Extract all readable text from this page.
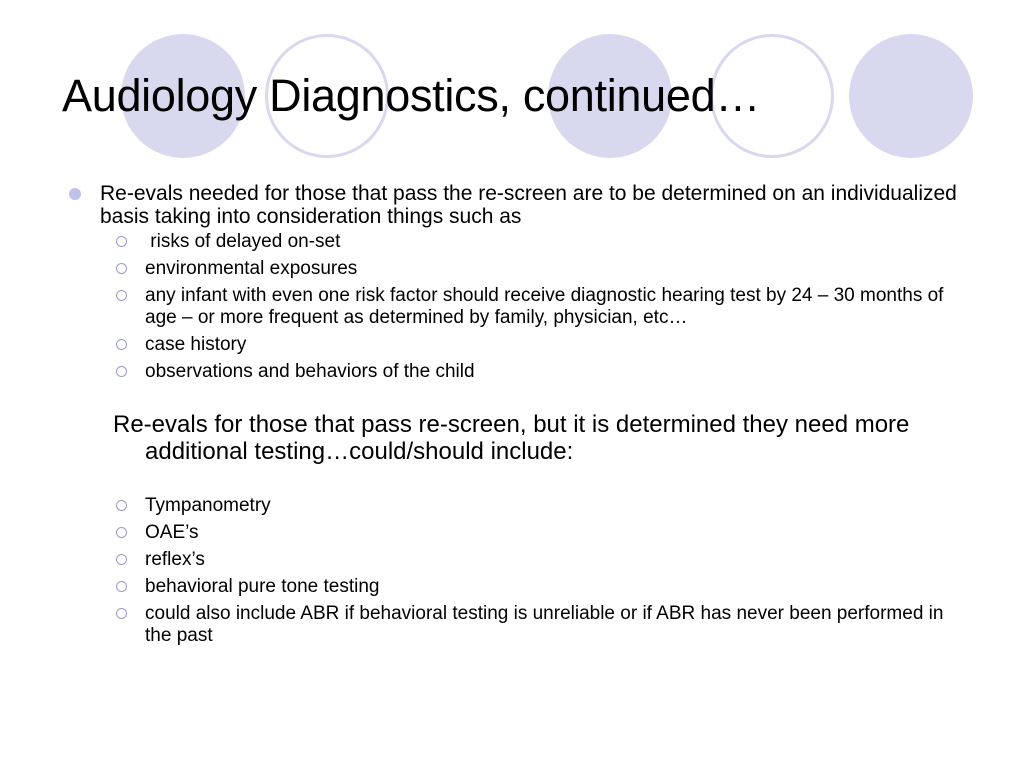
Audiology Diagnostics, continued…
Re-evals needed for those that pass the re-screen are to be determined on an individualized basis taking into consideration things such as
risks of delayed on-set
environmental exposures
any infant with even one risk factor should receive diagnostic hearing test by 24 – 30 months of age – or more frequent as determined by family, physician, etc…
case history
observations and behaviors of the child
Re-evals for those that pass re-screen, but it is determined they need more additional testing…could/should include:
Tympanometry
OAE’s
reflex’s
behavioral pure tone testing
could also include ABR if behavioral testing is unreliable or if ABR has never been performed in the past
